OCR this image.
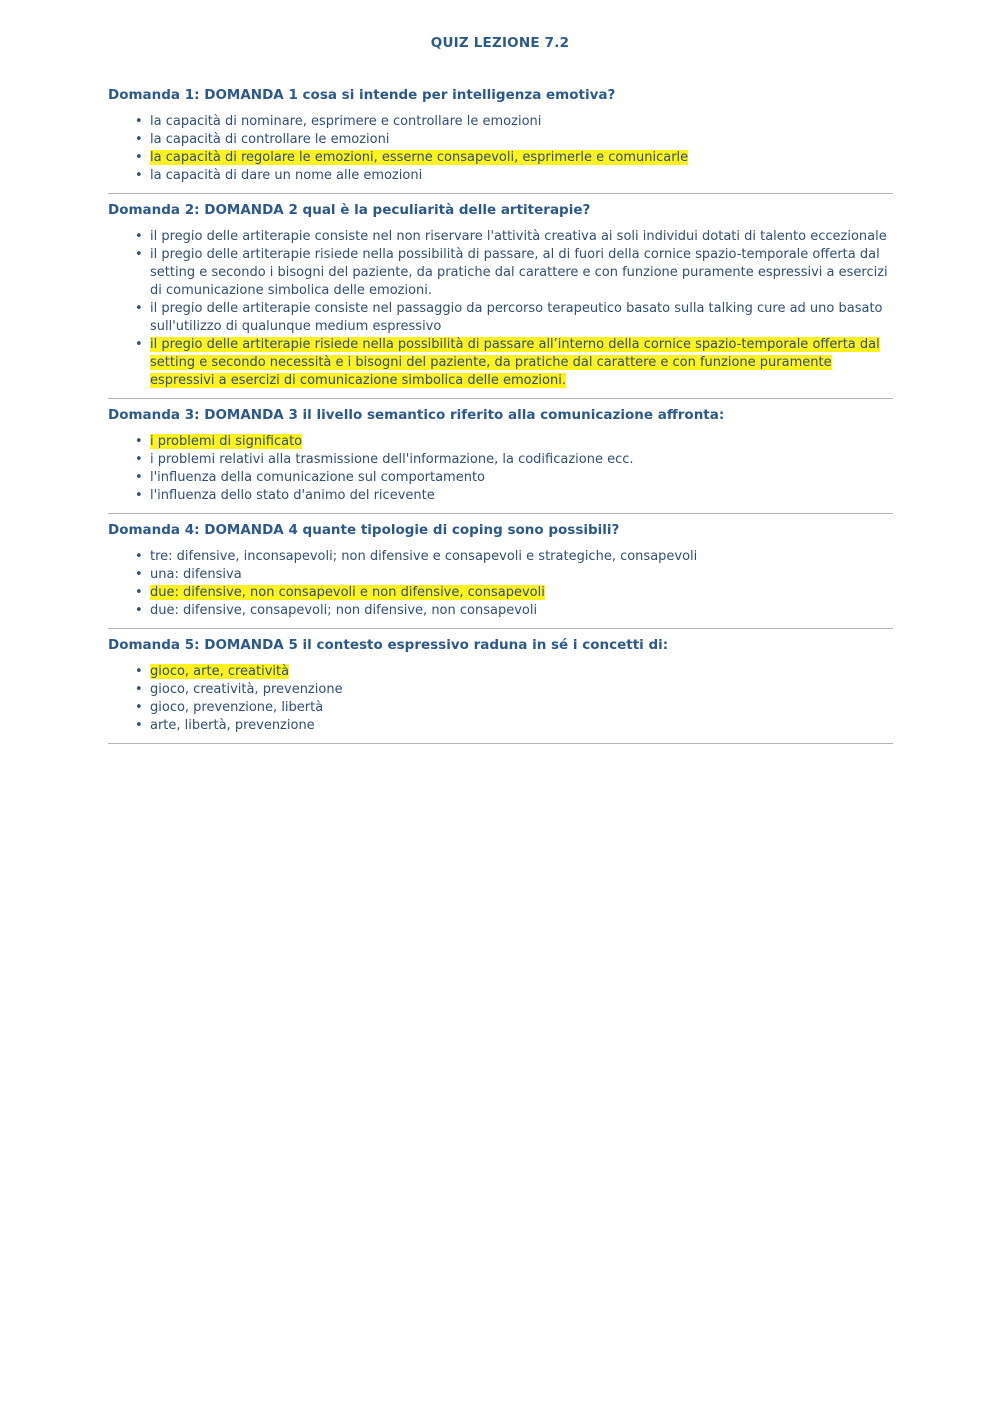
QUIZ LEZIONE 7.2
Domanda 1: DOMANDA 1 cosa si intende per intelligenza emotiva?
• la capacità di nominare, esprimere e controllare le emozioni
• la capacità di controllare le emozioni
• la capacità di regolare le emozioni, esserne consapevoli, esprimerle e comunicarle
• la capacità di dare un nome alle emozioni
Domanda 2: DOMANDA 2 qual è la peculiarità delle artiterapie?
• il pregio delle artiterapie consiste nel non riservare l'attività creativa ai soli individui dotati di talento eccezionale
• il pregio delle artiterapie risiede nella possibilità di passare, al di fuori della cornice spazio-temporale offerta dal setting e secondo i bisogni del paziente, da pratiche dal carattere e con funzione puramente espressivi a esercizi di comunicazione simbolica delle emozioni.
• il pregio delle artiterapie consiste nel passaggio da percorso terapeutico basato sulla talking cure ad uno basato sull'utilizzo di qualunque medium espressivo
• il pregio delle artiterapie risiede nella possibilità di passare all’interno della cornice spazio-temporale offerta dal setting e secondo necessità e i bisogni del paziente, da pratiche dal carattere e con funzione puramente espressivi a esercizi di comunicazione simbolica delle emozioni.
Domanda 3: DOMANDA 3 il livello semantico riferito alla comunicazione affronta:
• i problemi di significato
• i problemi relativi alla trasmissione dell'informazione, la codificazione ecc.
• l'influenza della comunicazione sul comportamento
• l'influenza dello stato d'animo del ricevente
Domanda 4: DOMANDA 4 quante tipologie di coping sono possibili?
• tre: difensive, inconsapevoli; non difensive e consapevoli e strategiche, consapevoli
• una: difensiva
• due: difensive, non consapevoli e non difensive, consapevoli
• due: difensive, consapevoli; non difensive, non consapevoli
Domanda 5: DOMANDA 5 il contesto espressivo raduna in sé i concetti di:
• gioco, arte, creatività
• gioco, creatività, prevenzione
• gioco, prevenzione, libertà
• arte, libertà, prevenzione
